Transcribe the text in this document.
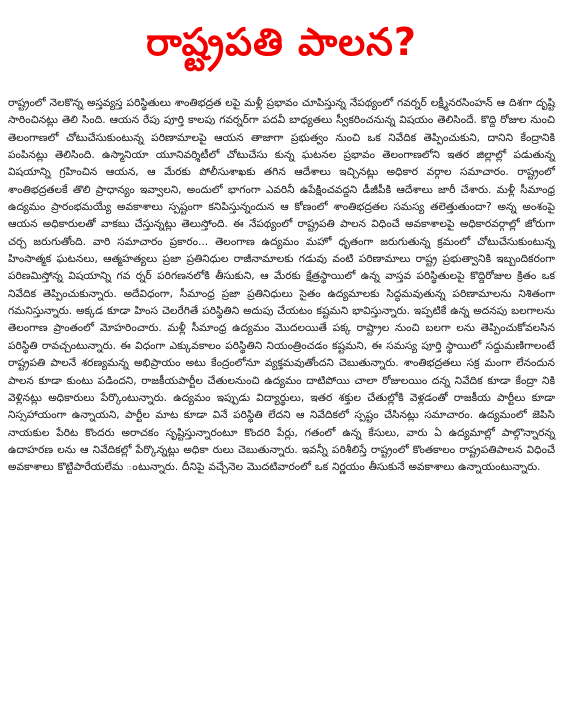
రాష్ట్రపతి పాలన?

రాష్ట్రంలో నెలకొన్న అస్తవ్యస్త పరిస్థితులు శాంతిభద్రత లపై మళ్లీ ప్రభావం చూపిస్తున్న నేపథ్యంలో గవర్నర్ లక్ష్మీనరసింహన్ ఆ దిశగా దృష్టి సారించినట్లు తెలి సింది. ఆయన రేపు పూర్తి కాలపు గవర్నర్‌గా పదవీ బాధ్యతలు స్వీకరించనున్న విషయం తెలిసిందే. కొద్ది రోజుల నుంచి తెలంగాణలో చోటుచేసుకుంటున్న పరిణామాలపై ఆయన తాజాగా ప్రభుత్వం నుంచి ఒక నివేదిక తెప్పించుకుని, దానిని కేంద్రానికి పంపినట్లు తెలిసింది. ఉస్మానియా యూనివర్శిటీలో చోటుచేసు కున్న ఘటనల ప్రభావం తెలంగాణలోని ఇతర జిల్లాల్లో పడుతున్న విషయాన్ని గ్రహించిన ఆయన, ఆ మేరకు పోలీసుశాఖకు తగిన ఆదేశాలు ఇచ్చినట్లు అధికార వర్గాల సమాచారం. రాష్ట్రంలో శాంతిభద్రతలకే తొలి ప్రాధాన్యం ఇవ్వాలని, అందులో భాగంగా ఎవరినీ ఉపేక్షించవద్దని డీజీపీకి ఆదేశాలు జారీ చేశారు. మళ్లీ సీమాంధ్ర ఉద్యమం ప్రారంభమయ్యే అవకాశాలు స్పష్టంగా కనిపిస్తున్నందున ఆ కోణంలో శాంతిభద్రతల సమస్య తలెత్తుతుందా? అన్న అంశంపై ఆయన అధికారులతో వాకబు చేస్తున్నట్లు తెలుస్తోంది. ఈ నేపథ్యంలో రాష్ట్రపతి పాలన విధించే అవకాశాలపై అధికారవర్గాల్లో జోరుగా చర్చ జరుగుతోంది. వారి సమాచారం ప్రకారం... తెలంగాణ ఉద్యమం మహో ధృతంగా జరుగుతున్న క్రమంలో చోటుచేసుకుంటున్న హింసాత్మక ఘటనలు, ఆత్మహత్యలు ప్రజా ప్రతినిధుల రాజీనామాలకు గడువు వంటి పరిణామాలు రాష్ట్ర ప్రభుత్వానికి ఇబ్బందికరంగా పరిణమిస్తోన్న విషయాన్ని గవ ర్నర్ పరిగణనలోకి తీసుకుని, ఆ మేరకు క్షేత్రస్థాయిలో ఉన్న వాస్తవ పరిస్థితులపై కొద్దిరోజుల క్రితం ఒక నివేదిక తెప్పించుకున్నారు. అదేవిధంగా, సీమాంధ్ర ప్రజా ప్రతినిధులు సైతం ఉద్యమాలకు సిద్ధమవుతున్న పరిణామాలను నిశితంగా గమనిస్తున్నారు. అక్కడ కూడా హింస చెలరేగితే పరిస్థితిని అదుపు చేయటం కష్టమని భావిస్తున్నారు. ఇప్పటికే ఉన్న అదనపు బలగాలను తెలంగాణ ప్రాంతంలో మోహరించారు. మళ్లీ సీమాంధ్ర ఉద్యమం మొదలయితే పక్క రాష్ట్రాల నుంచి బలగా లను తెప్పించుకోవలసిన పరిస్థితి రావచ్చంటున్నారు. ఈ విధంగా ఎక్కువకాలం పరిస్థితిని నియంత్రించడం కష్టమని, ఈ సమస్య పూర్తి స్థాయిలో సద్దుమణిగాలంటే రాష్ట్రపతి పాలనే శరణ్యమన్న అభిప్రాయం అటు కేంద్రంలోనూ వ్యక్తమవుతోందని చెబుతున్నారు. శాంతిభద్రతలు సక్ర మంగా లేనందున పాలన కూడా కుంటు పడిందని, రాజకీయపార్టీల చేతులనుంచి ఉద్యమం దాటిపోయి చాలా రోజులయిం దన్న నివేదిక కూడా కేంద్రా నికి వెళ్లినట్లు అధికారులు పేర్కొంటున్నారు. ఉద్యమం ఇప్పుడు విద్యార్థులు, ఇతర శక్తుల చేతుల్లోకి వెళ్లడంతో రాజకీయ పార్టీలు కూడా నిస్సహాయంగా ఉన్నాయని, పార్టీల మాట కూడా వినే పరిస్థితి లేదని ఆ నివేదికలో స్పష్టం చేసినట్లు సమాచారం. ఉద్యమంలో జెపిసి నాయకుల పేరిట కొందరు అరాచకం సృష్టిస్తున్నారంటూ కొందరి పేర్లు, గతంలో ఉన్న కేసులు, వారు ఏ ఉద్యమాల్లో పాల్గొన్నారన్న ఉదాహరణ లను ఆ నివేదికల్లో పేర్కొన్నట్లు అధికా రులు చెబుతున్నారు. ఇవన్నీ పరిశీలిస్తే రాష్ట్రంలో కొంతకాలం రాష్ట్రపతిపాలన విధించే అవకాశాలు కొట్టిపారేయలేమ ంటున్నారు. దీనిపై వచ్చేనెల మొదటివారంలో ఒక నిర్ణయం తీసుకునే అవకాశాలు ఉన్నాయంటున్నారు.
